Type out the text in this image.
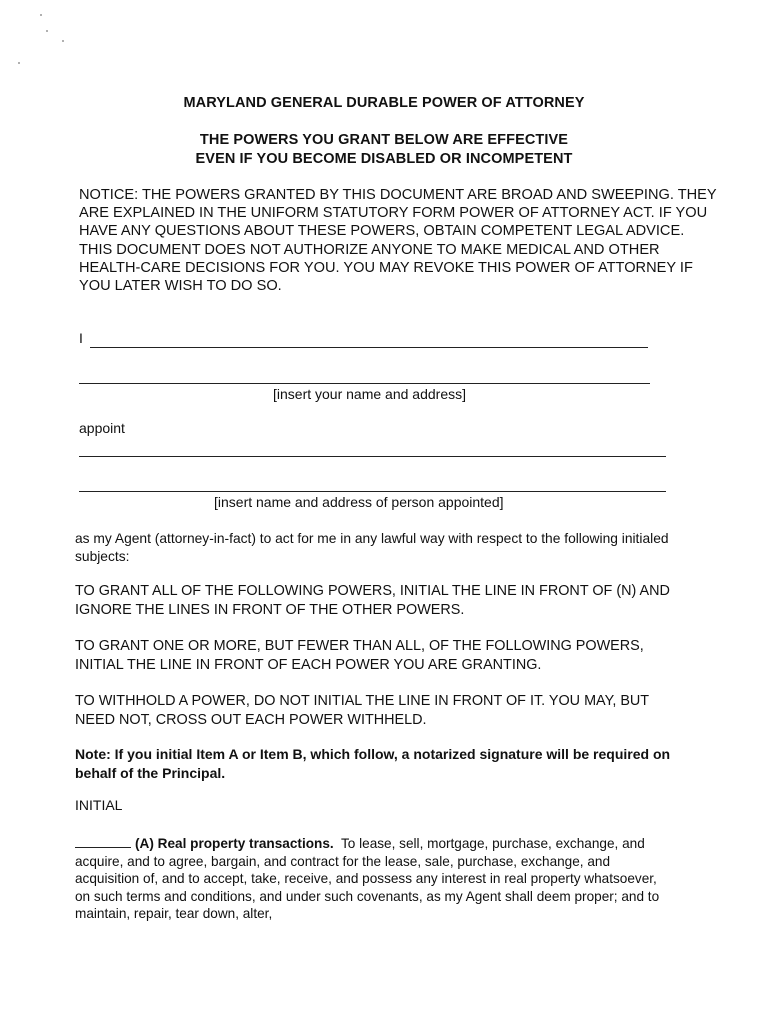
MARYLAND GENERAL DURABLE POWER OF ATTORNEY
THE POWERS YOU GRANT BELOW ARE EFFECTIVE
EVEN IF YOU BECOME DISABLED OR INCOMPETENT

NOTICE: THE POWERS GRANTED BY THIS DOCUMENT ARE BROAD AND SWEEPING. THEY ARE EXPLAINED IN THE UNIFORM STATUTORY FORM POWER OF ATTORNEY ACT. IF YOU HAVE ANY QUESTIONS ABOUT THESE POWERS, OBTAIN COMPETENT LEGAL ADVICE. THIS DOCUMENT DOES NOT AUTHORIZE ANYONE TO MAKE MEDICAL AND OTHER HEALTH-CARE DECISIONS FOR YOU. YOU MAY REVOKE THIS POWER OF ATTORNEY IF YOU LATER WISH TO DO SO.

I
[insert your name and address]
appoint
[insert name and address of person appointed]

as my Agent (attorney-in-fact) to act for me in any lawful way with respect to the following initialed subjects:

TO GRANT ALL OF THE FOLLOWING POWERS, INITIAL THE LINE IN FRONT OF (N) AND IGNORE THE LINES IN FRONT OF THE OTHER POWERS.

TO GRANT ONE OR MORE, BUT FEWER THAN ALL, OF THE FOLLOWING POWERS, INITIAL THE LINE IN FRONT OF EACH POWER YOU ARE GRANTING.

TO WITHHOLD A POWER, DO NOT INITIAL THE LINE IN FRONT OF IT. YOU MAY, BUT NEED NOT, CROSS OUT EACH POWER WITHHELD.

Note: If you initial Item A or Item B, which follow, a notarized signature will be required on behalf of the Principal.

INITIAL

(A) Real property transactions. To lease, sell, mortgage, purchase, exchange, and acquire, and to agree, bargain, and contract for the lease, sale, purchase, exchange, and acquisition of, and to accept, take, receive, and possess any interest in real property whatsoever, on such terms and conditions, and under such covenants, as my Agent shall deem proper; and to maintain, repair, tear down, alter,
